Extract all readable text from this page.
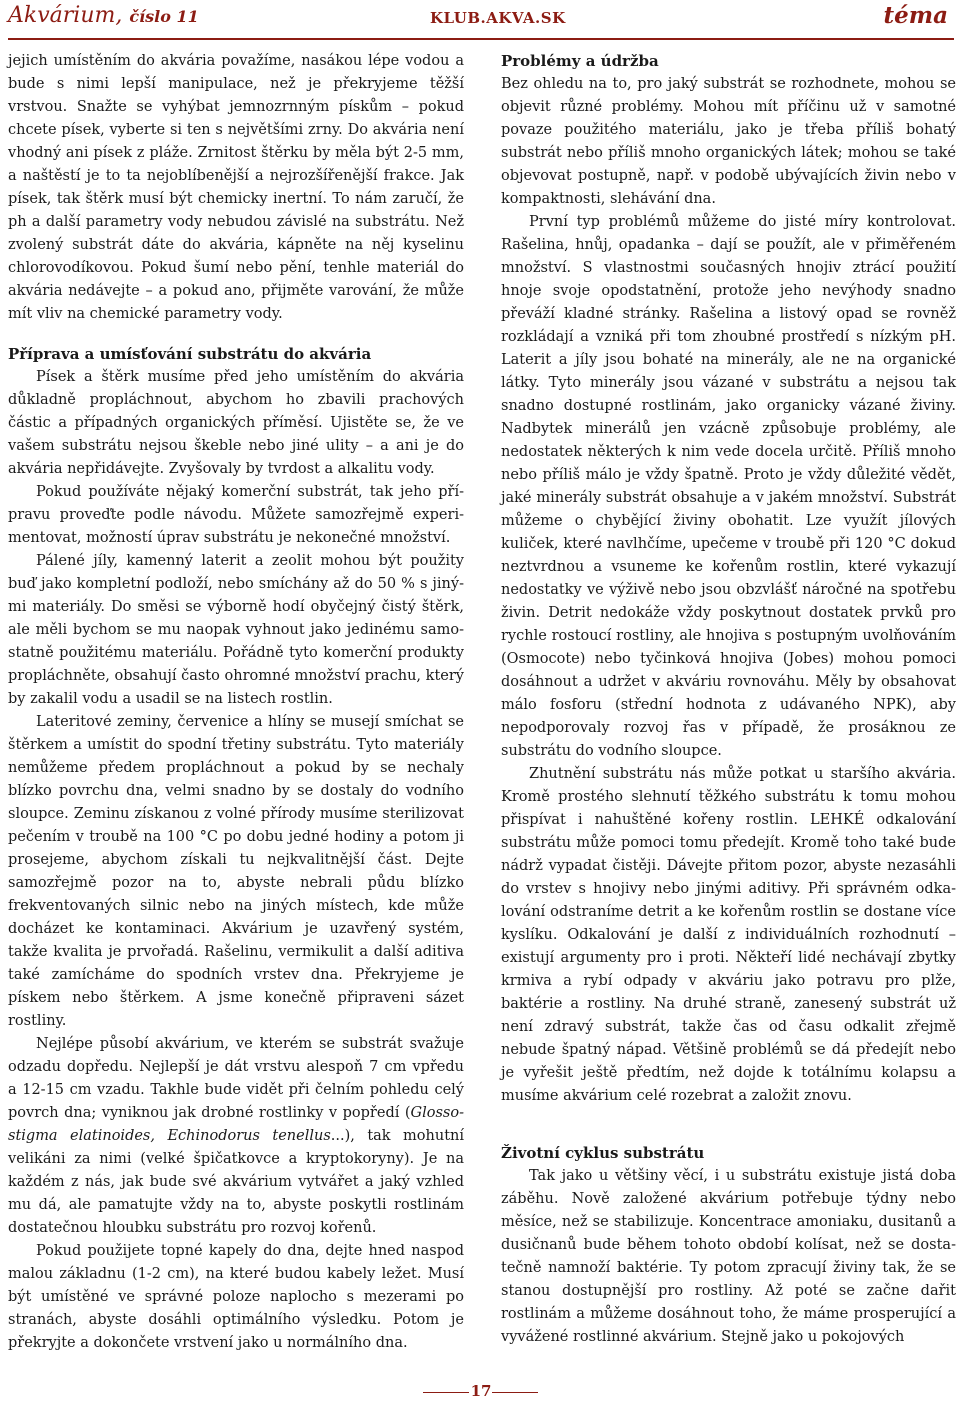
Akvárium, číslo 11	KLUB.AKVA.SK	téma

jejich umístěním do akvária považíme, nasákou lépe vodou a bude s nimi lepší manipulace, než je překryjeme těžší vrstvou. Snažte se vyhýbat jemnozrnným pískům – pokud chcete písek, vyberte si ten s největšími zrny. Do akvária není vhodný ani písek z pláže. Zrnitost štěrku by měla být 2-5 mm, a naštěstí je to ta nejoblíbenější a nejrozšířenější frakce. Jak písek, tak štěrk musí být chemicky inertní. To nám zaručí, že ph a další parametry vody nebudou závislé na substrátu. Než zvolený substrát dáte do akvária, kápněte na něj kyselinu chlorovodíkovou. Pokud šumí nebo pění, tenhle materiál do akvária nedávejte – a pokud ano, přijměte varování, že může mít vliv na chemické parametry vody.

Příprava a umísťování substrátu do akvária

Písek a štěrk musíme před jeho umístěním do akvária důkladně propláchnout, abychom ho zbavili prachových částic a případných organických příměsí. Ujistěte se, že ve vašem substrátu nejsou škeble nebo jiné ulity – a ani je do akvária nepřidávejte. Zvyšovaly by tvrdost a alkalitu vody.

Pokud používáte nějaký komerční substrát, tak jeho přípravu proveďte podle návodu. Můžete samozřejmě experimentovat, možností úprav substrátu je nekonečné množství.

Pálené jíly, kamenný laterit a zeolit mohou být použity buď jako kompletní podloží, nebo smíchány až do 50 % s jinými materiály. Do směsi se výborně hodí obyčejný čistý štěrk, ale měli bychom se mu naopak vyhnout jako jedinému samostatně použitému materiálu. Pořádně tyto komerční produkty propláchněte, obsahují často ohromné množství prachu, který by zakalil vodu a usadil se na listech rostlin.

Lateritové zeminy, červenice a hlíny se musejí smíchat se štěrkem a umístit do spodní třetiny substrátu. Tyto materiály nemůžeme předem propláchnout a pokud by se nechaly blízko povrchu dna, velmi snadno by se dostaly do vodního sloupce. Zeminu získanou z volné přírody musíme sterilizovat pečením v troubě na 100 °C po dobu jedné hodiny a potom ji prosejeme, abychom získali tu nejkvalitnější část. Dejte samozřejmě pozor na to, abyste nebrali půdu blízko frekventovaných silnic nebo na jiných místech, kde může docházet ke kontaminaci. Akvárium je uzavřený systém, takže kvalita je prvořadá. Rašelinu, vermikulit a další aditiva také zamícháme do spodních vrstev dna. Překryjeme je pískem nebo štěrkem. A jsme konečně připraveni sázet rostliny.

Nejlépe působí akvárium, ve kterém se substrát svažuje odzadu dopředu. Nejlepší je dát vrstvu alespoň 7 cm vpředu a 12-15 cm vzadu. Takhle bude vidět při čelním pohledu celý povrch dna; vyniknou jak drobné rostlinky v popředí (Glossostigma elatinoides, Echinodorus tenellus...), tak mohutní velikáni za nimi (velké špičatkovce a kryptokoryny). Je na každém z nás, jak bude své akvárium vytvářet a jaký vzhled mu dá, ale pamatujte vždy na to, abyste poskytli rostlinám dostatečnou hloubku substrátu pro rozvoj kořenů.

Pokud použijete topné kapely do dna, dejte hned naspod malou základnu (1-2 cm), na které budou kabely ležet. Musí být umístěné ve správné poloze naplocho s mezerami po stranách, abyste dosáhli optimálního výsledku. Potom je překryjte a dokončete vrstvení jako u normálního dna.

Problémy a údržba

Bez ohledu na to, pro jaký substrát se rozhodnete, mohou se objevit různé problémy. Mohou mít příčinu už v samotné povaze použitého materiálu, jako je třeba příliš bohatý substrát nebo příliš mnoho organických látek; mohou se také objevovat postupně, např. v podobě ubývajících živin nebo v kompaktnosti, slehávání dna.

První typ problémů můžeme do jisté míry kontrolovat. Rašelina, hnůj, opadanka – dají se použít, ale v přiměřeném množství. S vlastnostmi současných hnojiv ztrácí použití hnoje svoje opodstatnění, protože jeho nevýhody snadno převáží kladné stránky. Rašelina a listový opad se rovněž rozkládají a vzniká při tom zhoubné prostředí s nízkým pH. Laterit a jíly jsou bohaté na minerály, ale ne na organické látky. Tyto minerály jsou vázané v substrátu a nejsou tak snadno dostupné rostlinám, jako organicky vázané živiny. Nadbytek minerálů jen vzácně způsobuje problémy, ale nedostatek některých k nim vede docela určitě. Příliš mnoho nebo příliš málo je vždy špatně. Proto je vždy důležité vědět, jaké minerály substrát obsahuje a v jakém množství. Substrát můžeme o chybějící živiny obohatit. Lze využít jílových kuliček, které navlhčíme, upečeme v troubě při 120 °C dokud neztvrdnou a vsuneme ke kořenům rostlin, které vykazují nedostatky ve výživě nebo jsou obzvlášť náročné na spotřebu živin. Detrit nedokáže vždy poskytnout dostatek prvků pro rychle rostoucí rostliny, ale hnojiva s postupným uvolňováním (Osmocote) nebo tyčinková hnojiva (Jobes) mohou pomoci dosáhnout a udržet v akváriu rovnováhu. Měly by obsahovat málo fosforu (střední hodnota z udávaného NPK), aby nepodporovaly rozvoj řas v případě, že prosáknou ze substrátu do vodního sloupce.

Zhutnění substrátu nás může potkat u staršího akvária. Kromě prostého slehnutí těžkého substrátu k tomu mohou přispívat i nahuštěné kořeny rostlin. LEHKÉ odkalování substrátu může pomoci tomu předejít. Kromě toho také bude nádrž vypadat čistěji. Dávejte přitom pozor, abyste nezasáhli do vrstev s hnojivy nebo jinými aditivy. Při správném odkalování odstraníme detrit a ke kořenům rostlin se dostane více kyslíku. Odkalování je další z individuálních rozhodnutí – existují argumenty pro i proti. Někteří lidé nechávají zbytky krmiva a rybí odpady v akváriu jako potravu pro plže, baktérie a rostliny. Na druhé straně, zanesený substrát už není zdravý substrát, takže čas od času odkalit zřejmě nebude špatný nápad. Většině problémů se dá předejít nebo je vyřešit ještě předtím, než dojde k totálnímu kolapsu a musíme akvárium celé rozebrat a založit znovu.

Životní cyklus substrátu

Tak jako u většiny věcí, i u substrátu existuje jistá doba záběhu. Nově založené akvárium potřebuje týdny nebo měsíce, než se stabilizuje. Koncentrace amoniaku, dusitanů a dusičnanů bude během tohoto období kolísat, než se dostatečně namnoží baktérie. Ty potom zpracují živiny tak, že se stanou dostupnější pro rostliny. Až poté se začne dařit rostlinám a můžeme dosáhnout toho, že máme prosperující a vyvážené rostlinné akvárium. Stejně jako u pokojových

17
